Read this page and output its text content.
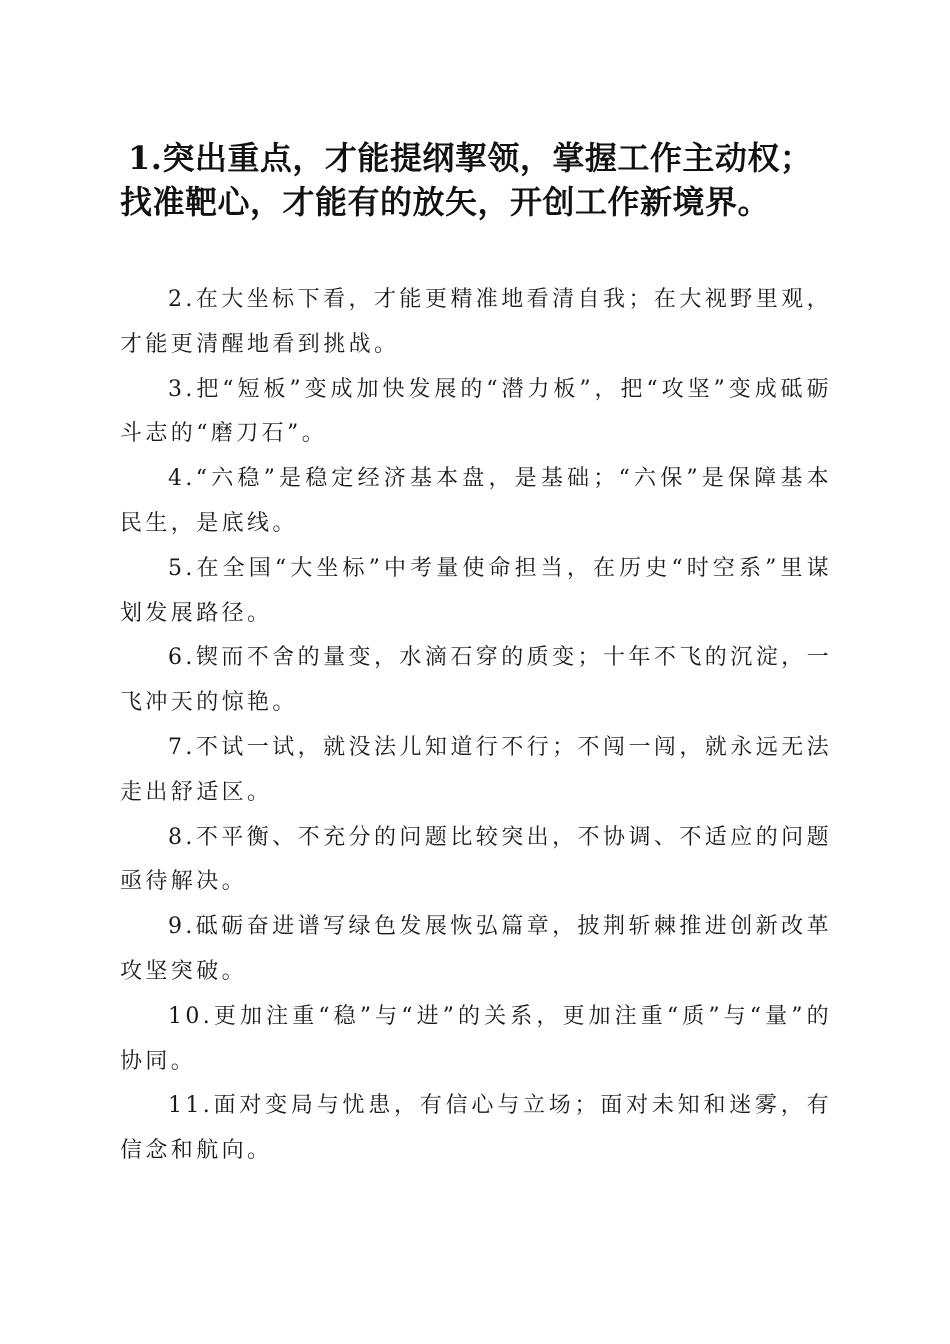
1.突出重点，才能提纲挈领，掌握工作主动权；找准靶心，才能有的放矢，开创工作新境界。

2.在大坐标下看，才能更精准地看清自我；在大视野里观，才能更清醒地看到挑战。

3.把“短板”变成加快发展的“潜力板”，把“攻坚”变成砥砺斗志的“磨刀石”。

4.“六稳”是稳定经济基本盘，是基础；“六保”是保障基本民生，是底线。

5.在全国“大坐标”中考量使命担当，在历史“时空系”里谋划发展路径。

6.锲而不舍的量变，水滴石穿的质变；十年不飞的沉淀，一飞冲天的惊艳。

7.不试一试，就没法儿知道行不行；不闯一闯，就永远无法走出舒适区。

8.不平衡、不充分的问题比较突出，不协调、不适应的问题亟待解决。

9.砥砺奋进谱写绿色发展恢弘篇章，披荆斩棘推进创新改革攻坚突破。

10.更加注重“稳”与“进”的关系，更加注重“质”与“量”的协同。

11.面对变局与忧患，有信心与立场；面对未知和迷雾，有信念和航向。
